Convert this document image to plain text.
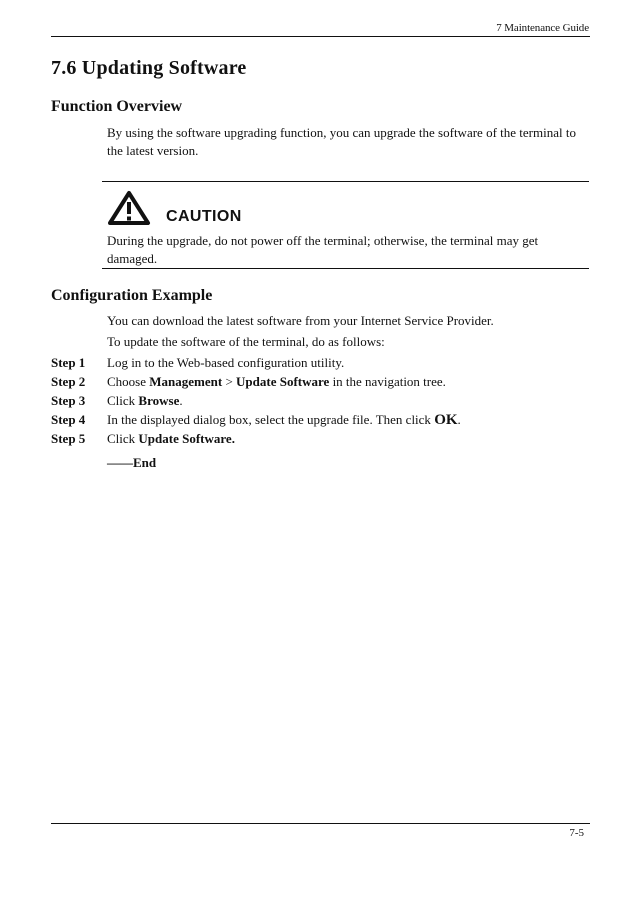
7 Maintenance Guide
7.6 Updating Software
Function Overview

By using the software upgrading function, you can upgrade the software of the terminal to the latest version.

CAUTION

During the upgrade, do not power off the terminal; otherwise, the terminal may get damaged.

Configuration Example

You can download the latest software from your Internet Service Provider.

To update the software of the terminal, do as follows:

Step 1	Log in to the Web-based configuration utility.
Step 2	Choose Management > Update Software in the navigation tree.
Step 3	Click Browse.
Step 4	In the displayed dialog box, select the upgrade file. Then click OK.
Step 5	Click Update Software.
——End
7-5
